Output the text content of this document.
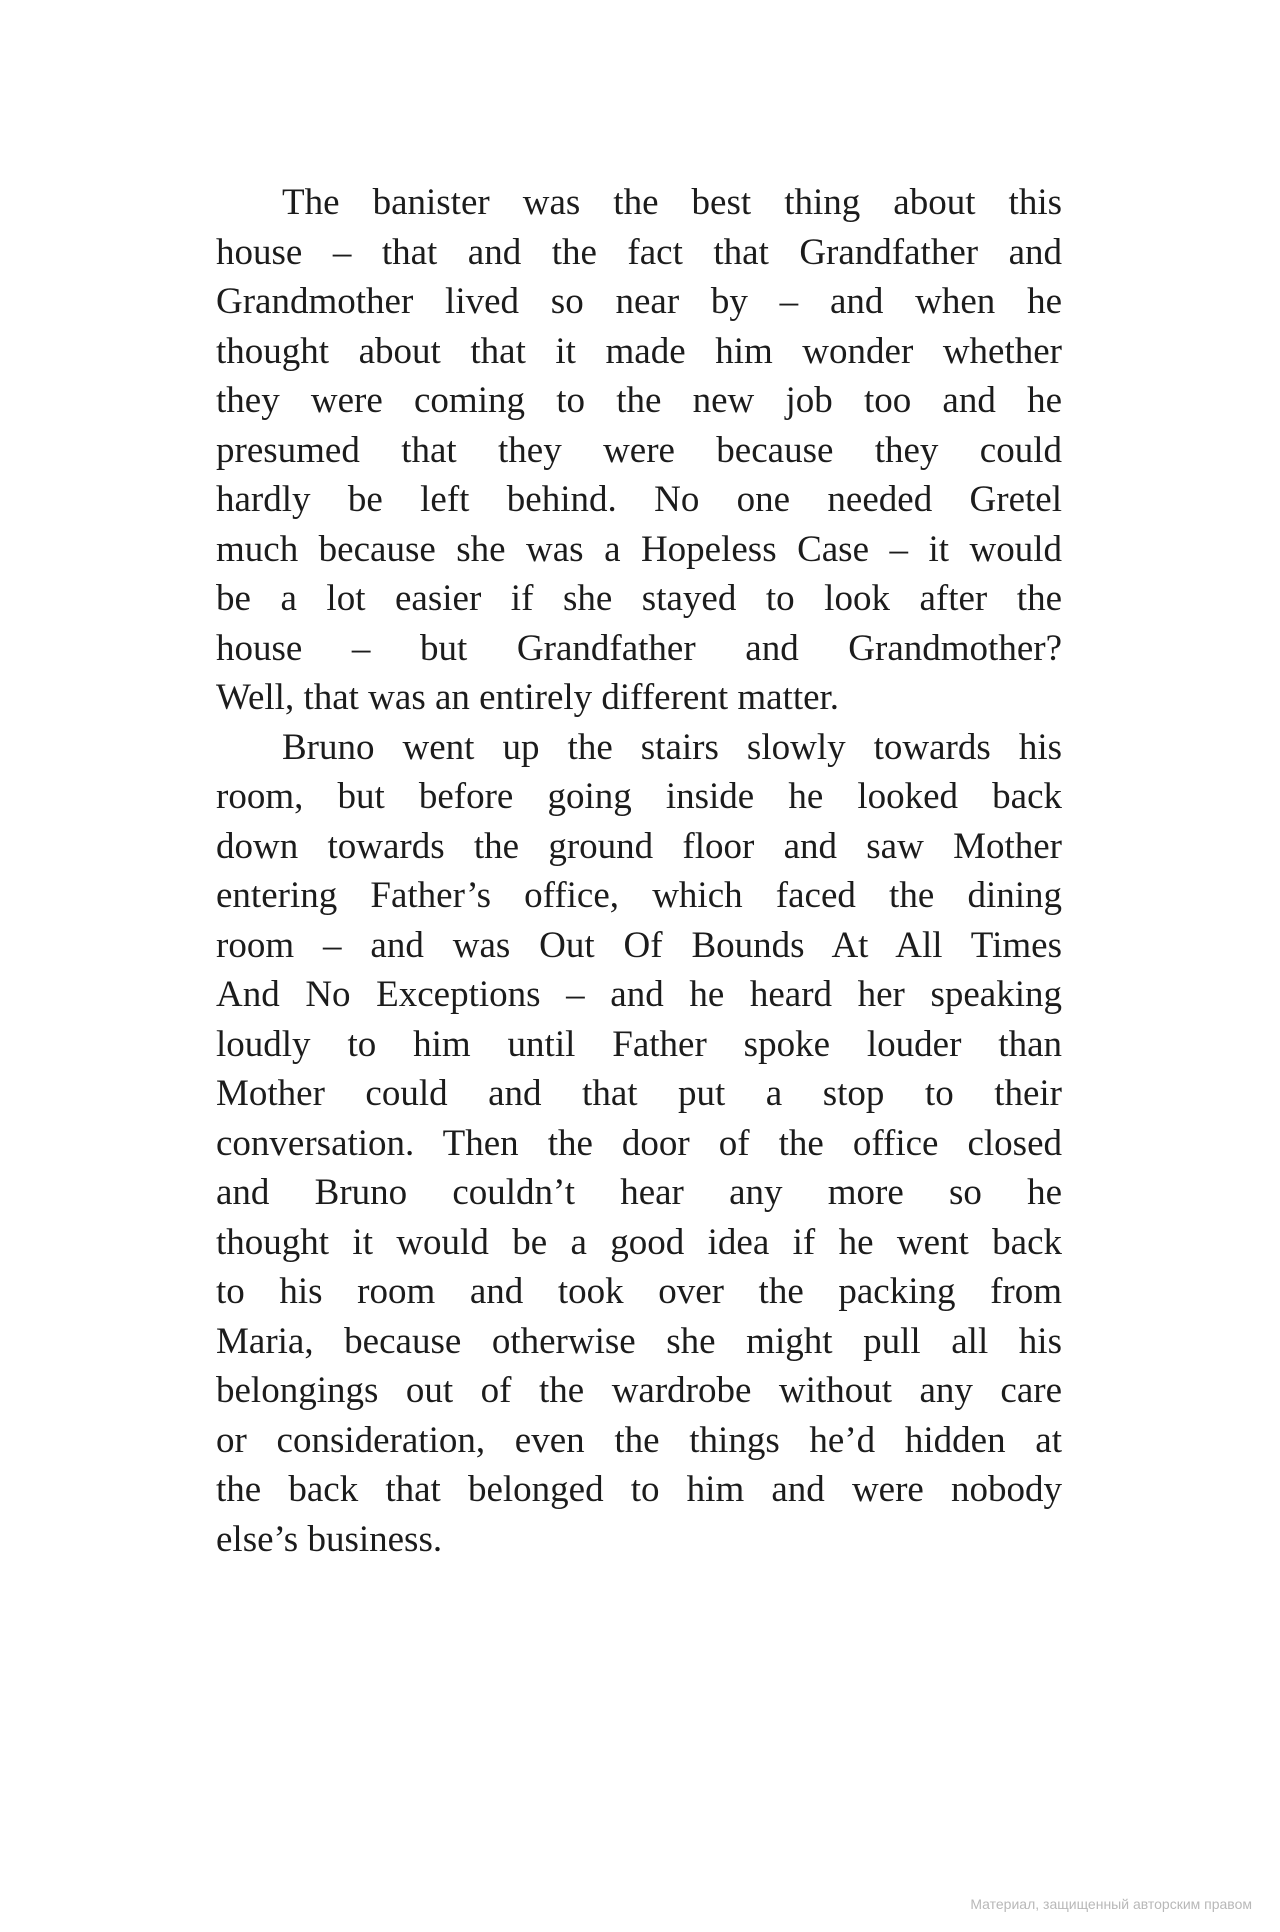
The banister was the best thing about this
house – that and the fact that Grandfather and
Grandmother lived so near by – and when he
thought about that it made him wonder whether
they were coming to the new job too and he
presumed that they were because they could
hardly be left behind. No one needed Gretel
much because she was a Hopeless Case – it would
be a lot easier if she stayed to look after the
house – but Grandfather and Grandmother?
Well, that was an entirely different matter.
Bruno went up the stairs slowly towards his
room, but before going inside he looked back
down towards the ground floor and saw Mother
entering Father’s office, which faced the dining
room – and was Out Of Bounds At All Times
And No Exceptions – and he heard her speaking
loudly to him until Father spoke louder than
Mother could and that put a stop to their
conversation. Then the door of the office closed
and Bruno couldn’t hear any more so he
thought it would be a good idea if he went back
to his room and took over the packing from
Maria, because otherwise she might pull all his
belongings out of the wardrobe without any care
or consideration, even the things he’d hidden at
the back that belonged to him and were nobody
else’s business.
Материал, защищенный авторским правом
